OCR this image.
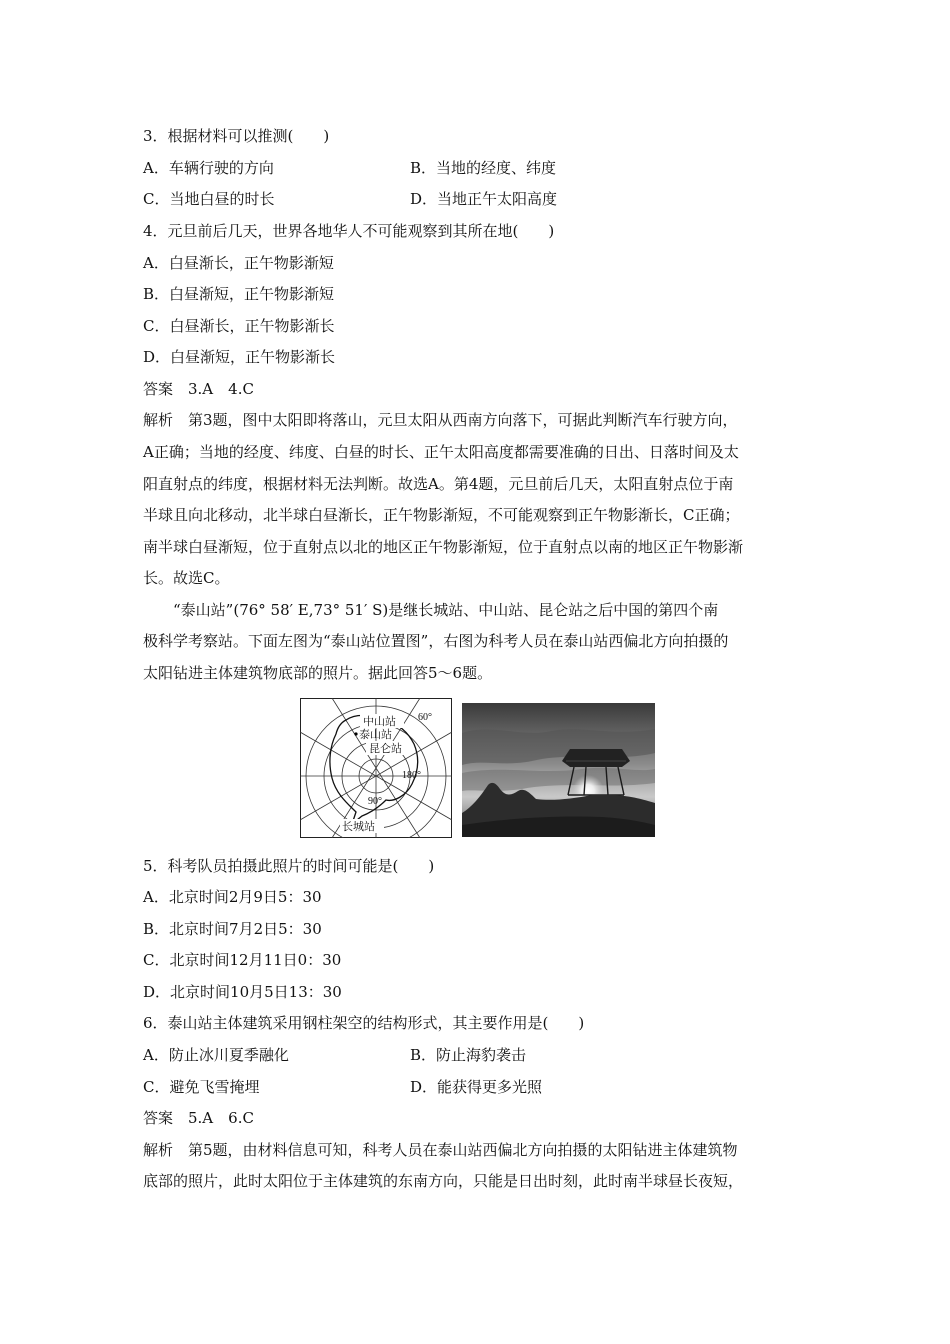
3．根据材料可以推测(　　)
A．车辆行驶的方向	B．当地的经度、纬度
C．当地白昼的时长	D．当地正午太阳高度
4．元旦前后几天，世界各地华人不可能观察到其所在地(　　)
A．白昼渐长，正午物影渐短
B．白昼渐短，正午物影渐短
C．白昼渐长，正午物影渐长
D．白昼渐短，正午物影渐长
答案　3.A　4.C
解析　第3题，图中太阳即将落山，元旦太阳从西南方向落下，可据此判断汽车行驶方向，
A正确；当地的经度、纬度、白昼的时长、正午太阳高度都需要准确的日出、日落时间及太
阳直射点的纬度，根据材料无法判断。故选A。第4题，元旦前后几天，太阳直射点位于南
半球且向北移动，北半球白昼渐长，正午物影渐短，不可能观察到正午物影渐长，C正确；
南半球白昼渐短，位于直射点以北的地区正午物影渐短，位于直射点以南的地区正午物影渐
长。故选C。
“泰山站”(76° 58′ E,73° 51′ S)是继长城站、中山站、昆仑站之后中国的第四个南
极科学考察站。下面左图为“泰山站位置图”，右图为科考人员在泰山站西偏北方向拍摄的
太阳钻进主体建筑物底部的照片。据此回答5～6题。
中山站
泰山站
昆仑站
长城站
60°
180°
90°
5．科考队员拍摄此照片的时间可能是(　　)
A．北京时间2月9日5：30
B．北京时间7月2日5：30
C．北京时间12月11日0：30
D．北京时间10月5日13：30
6．泰山站主体建筑采用钢柱架空的结构形式，其主要作用是(　　)
A．防止冰川夏季融化	B．防止海豹袭击
C．避免飞雪掩埋	D．能获得更多光照
答案　5.A　6.C
解析　第5题，由材料信息可知，科考人员在泰山站西偏北方向拍摄的太阳钻进主体建筑物
底部的照片，此时太阳位于主体建筑的东南方向，只能是日出时刻，此时南半球昼长夜短，
